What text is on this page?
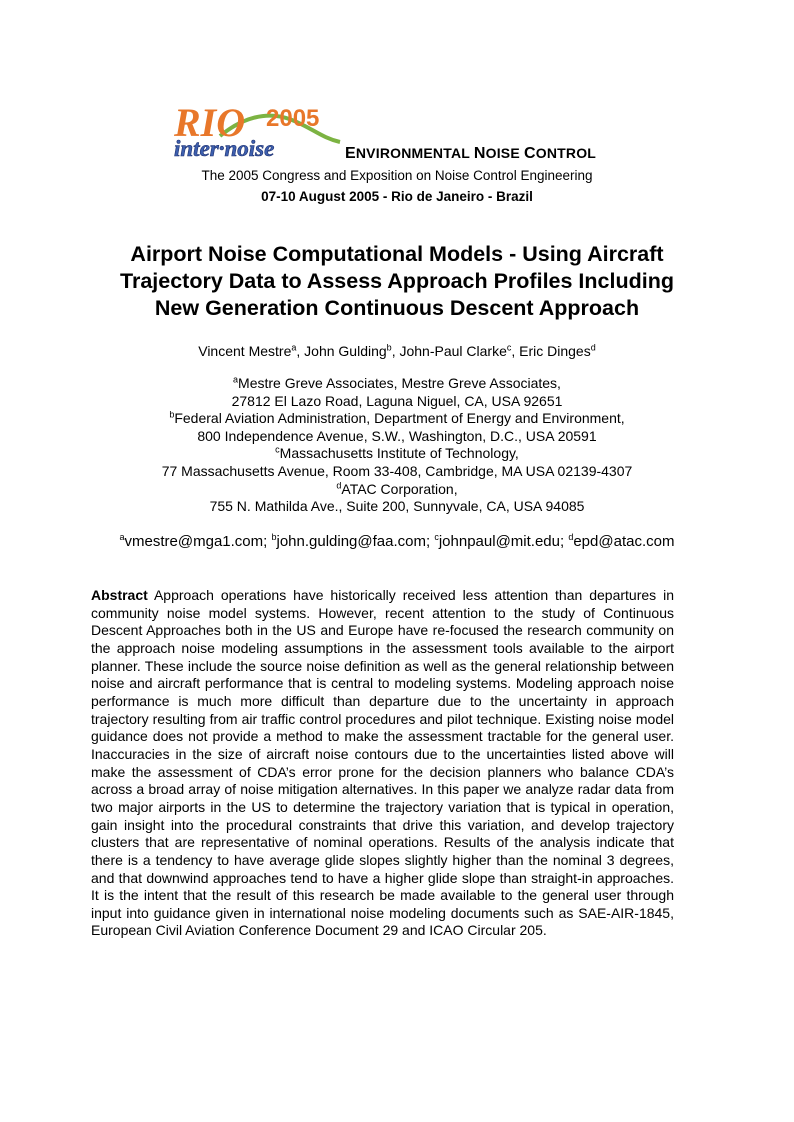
RIO 2005
inter·noise	ENVIRONMENTAL NOISE CONTROL
The 2005 Congress and Exposition on Noise Control Engineering
07-10 August 2005 - Rio de Janeiro - Brazil
Airport Noise Computational Models - Using Aircraft
Trajectory Data to Assess Approach Profiles Including
New Generation Continuous Descent Approach
Vincent Mestre$^a$, John Gulding$^b$, John-Paul Clarke$^c$, Eric Dinges$^d$
$^a$Mestre Greve Associates, Mestre Greve Associates,
27812 El Lazo Road, Laguna Niguel, CA, USA 92651
$^b$Federal Aviation Administration, Department of Energy and Environment,
800 Independence Avenue, S.W., Washington, D.C., USA 20591
$^c$Massachusetts Institute of Technology,
77 Massachusetts Avenue, Room 33-408, Cambridge, MA USA 02139-4307
$^d$ATAC Corporation,
755 N. Mathilda Ave., Suite 200, Sunnyvale, CA, USA 94085
$^a$vmestre@mga1.com; $^b$john.gulding@faa.com; $^c$johnpaul@mit.edu; $^d$epd@atac.com
Abstract Approach operations have historically received less attention than departures in community noise model systems. However, recent attention to the study of Continuous Descent Approaches both in the US and Europe have re-focused the research community on the approach noise modeling assumptions in the assessment tools available to the airport planner. These include the source noise definition as well as the general relationship between noise and aircraft performance that is central to modeling systems. Modeling approach noise performance is much more difficult than departure due to the uncertainty in approach trajectory resulting from air traffic control procedures and pilot technique. Existing noise model guidance does not provide a method to make the assessment tractable for the general user. Inaccuracies in the size of aircraft noise contours due to the uncertainties listed above will make the assessment of CDA’s error prone for the decision planners who balance CDA’s across a broad array of noise mitigation alternatives. In this paper we analyze radar data from two major airports in the US to determine the trajectory variation that is typical in operation, gain insight into the procedural constraints that drive this variation, and develop trajectory clusters that are representative of nominal operations. Results of the analysis indicate that there is a tendency to have average glide slopes slightly higher than the nominal 3 degrees, and that downwind approaches tend to have a higher glide slope than straight-in approaches. It is the intent that the result of this research be made available to the general user through input into guidance given in international noise modeling documents such as SAE-AIR-1845, European Civil Aviation Conference Document 29 and ICAO Circular 205.
